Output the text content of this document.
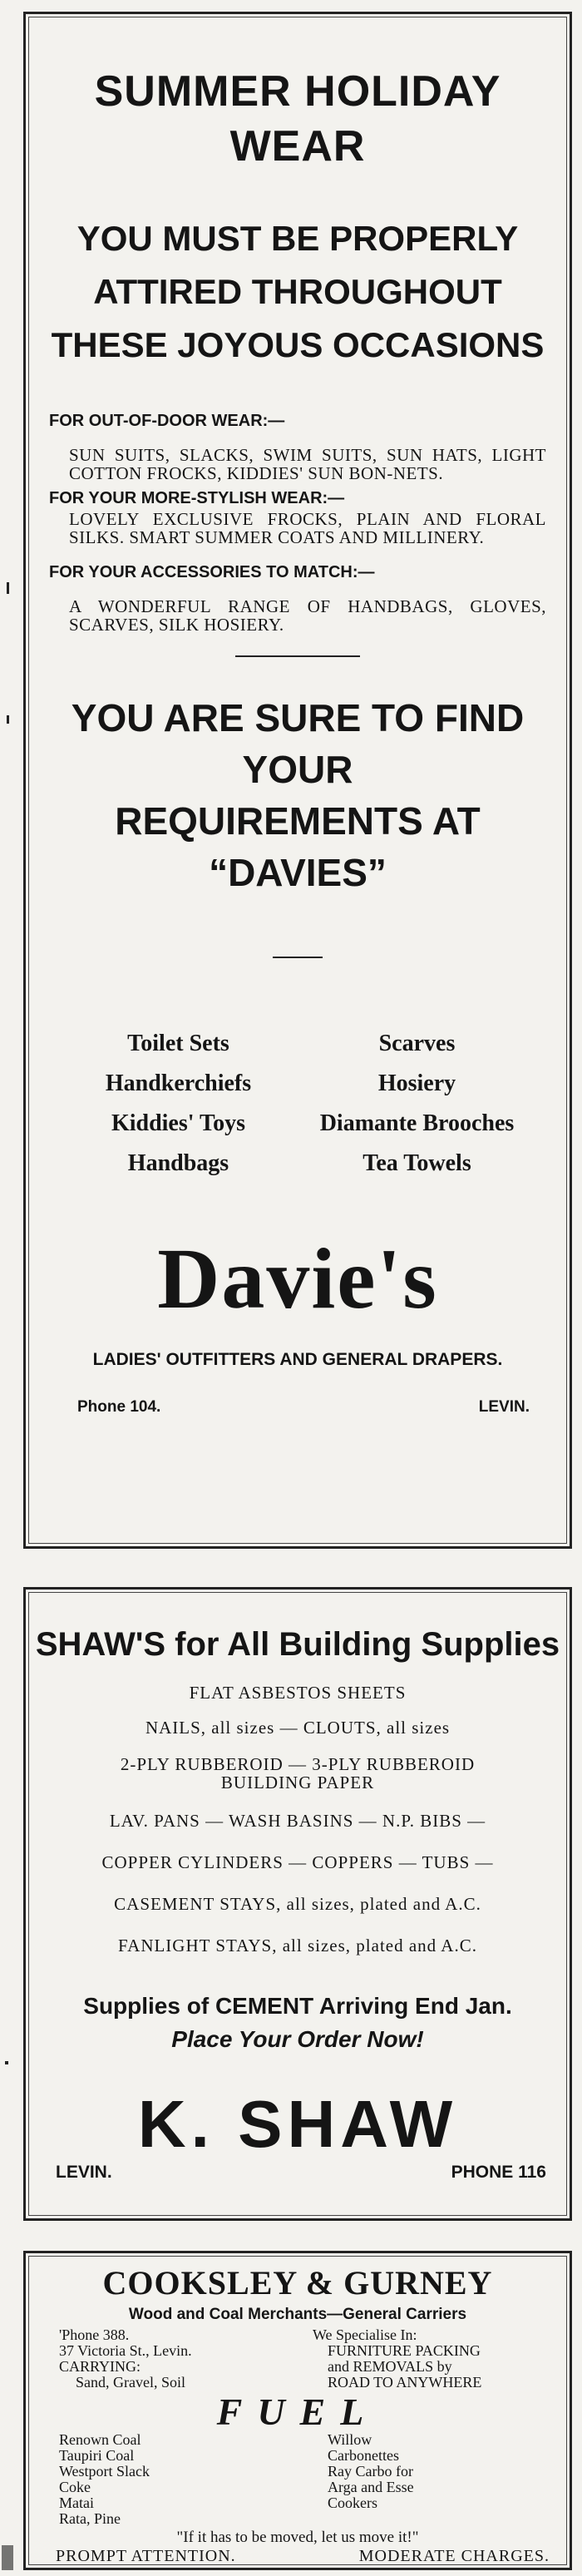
SUMMER HOLIDAY
WEAR
YOU MUST BE PROPERLY
ATTIRED THROUGHOUT
THESE JOYOUS OCCASIONS
FOR OUT-OF-DOOR WEAR:—
SUN SUITS, SLACKS, SWIM SUITS, SUN HATS, LIGHT COTTON FROCKS, KIDDIES' SUN BON-NETS.
FOR YOUR MORE-STYLISH WEAR:—
LOVELY EXCLUSIVE FROCKS, PLAIN AND FLORAL SILKS. SMART SUMMER COATS AND MILLINERY.
FOR YOUR ACCESSORIES TO MATCH:—
A WONDERFUL RANGE OF HANDBAGS, GLOVES, SCARVES, SILK HOSIERY.
YOU ARE SURE TO FIND YOUR
REQUIREMENTS AT
“DAVIES”
Toilet Sets	Scarves
Handkerchiefs	Hosiery
Kiddies' Toys	Diamante Brooches
Handbags	Tea Towels
Davie's
LADIES' OUTFITTERS AND GENERAL DRAPERS.
Phone 104.	LEVIN.
SHAW'S for All Building Supplies
FLAT ASBESTOS SHEETS
NAILS, all sizes — CLOUTS, all sizes
2-PLY RUBBEROID — 3-PLY RUBBEROID
BUILDING PAPER
LAV. PANS — WASH BASINS — N.P. BIBS —
COPPER CYLINDERS — COPPERS — TUBS —
CASEMENT STAYS, all sizes, plated and A.C.
FANLIGHT STAYS, all sizes, plated and A.C.
Supplies of CEMENT Arriving End Jan.
Place Your Order Now!
K. SHAW
LEVIN.	PHONE 116
COOKSLEY & GURNEY
Wood and Coal Merchants—General Carriers
'Phone 388.
37 Victoria St., Levin.
CARRYING:
Sand, Gravel, Soil
We Specialise In:
FURNITURE PACKING
and REMOVALS by
ROAD TO ANYWHERE
FUEL
Renown Coal
Taupiri Coal
Westport Slack
Coke
Matai
Rata, Pine
Willow
Carbonettes
Ray Carbo for
Arga and Esse
Cookers
"If it has to be moved, let us move it!"
PROMPT ATTENTION.	MODERATE CHARGES.
